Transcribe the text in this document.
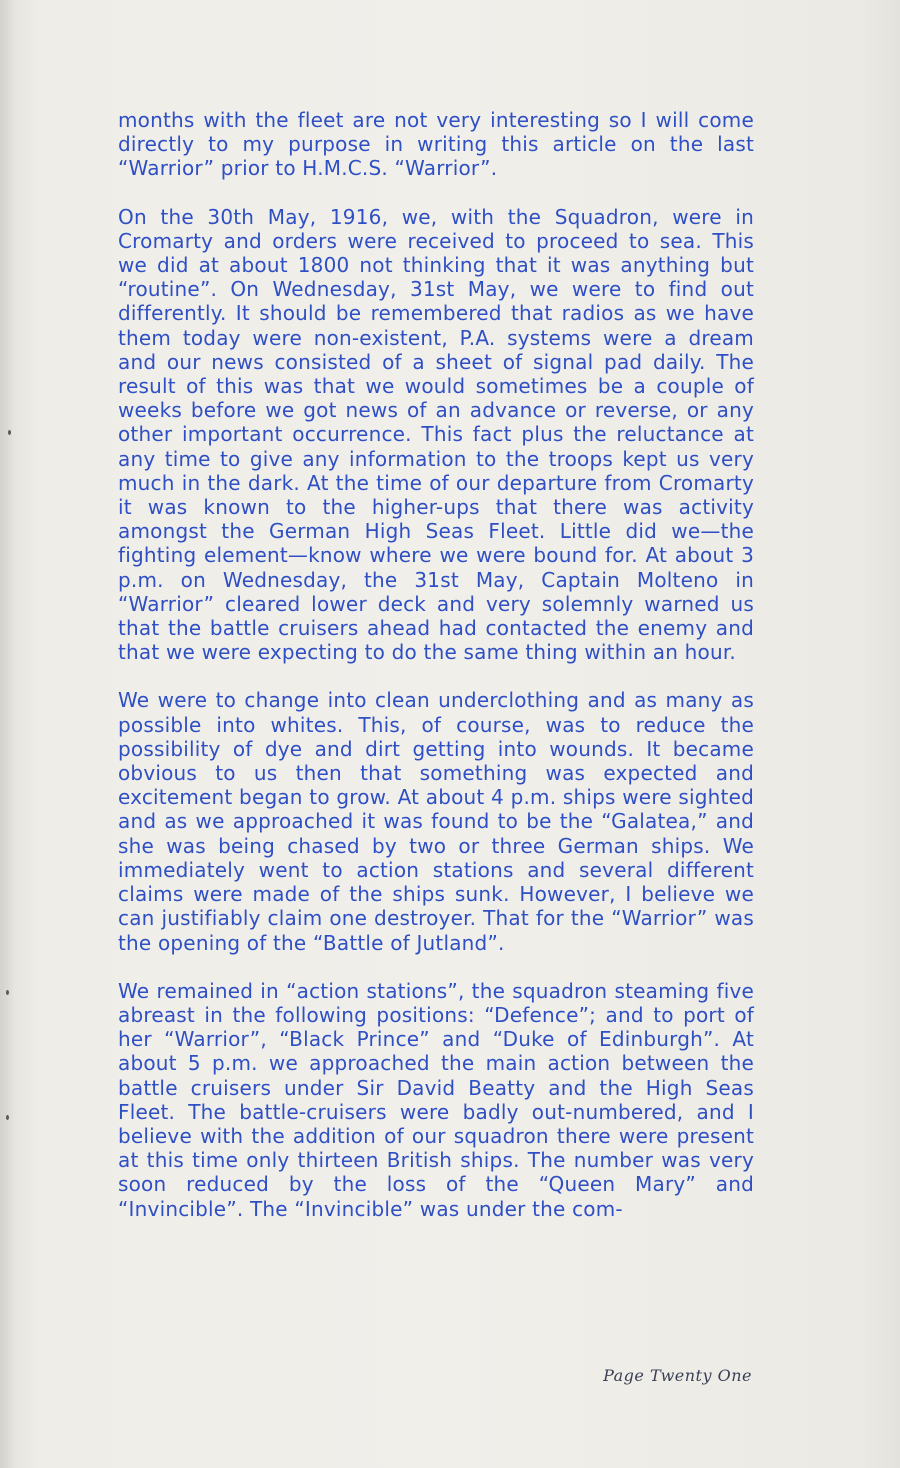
months with the fleet are not very interesting so I will come directly to my purpose in writing this article on the last “Warrior” prior to H.M.C.S. “Warrior”.

On the 30th May, 1916, we, with the Squadron, were in Cromarty and orders were received to proceed to sea. This we did at about 1800 not thinking that it was anything but “routine”. On Wednesday, 31st May, we were to find out differently. It should be remembered that radios as we have them today were non-existent, P.A. systems were a dream and our news consisted of a sheet of signal pad daily. The result of this was that we would sometimes be a couple of weeks before we got news of an advance or reverse, or any other important occurrence. This fact plus the reluctance at any time to give any information to the troops kept us very much in the dark. At the time of our departure from Cromarty it was known to the higher-ups that there was activity amongst the German High Seas Fleet. Little did we—the fighting element—know where we were bound for. At about 3 p.m. on Wednesday, the 31st May, Captain Molteno in “Warrior” cleared lower deck and very solemnly warned us that the battle cruisers ahead had contacted the enemy and that we were expecting to do the same thing within an hour.

We were to change into clean underclothing and as many as possible into whites. This, of course, was to reduce the possibility of dye and dirt getting into wounds. It became obvious to us then that something was expected and excitement began to grow. At about 4 p.m. ships were sighted and as we approached it was found to be the “Galatea,” and she was being chased by two or three German ships. We immediately went to action stations and several different claims were made of the ships sunk. However, I believe we can justifiably claim one destroyer. That for the “Warrior” was the opening of the “Battle of Jutland”.

We remained in “action stations”, the squadron steaming five abreast in the following positions: “Defence”; and to port of her “Warrior”, “Black Prince” and “Duke of Edinburgh”. At about 5 p.m. we approached the main action between the battle cruisers under Sir David Beatty and the High Seas Fleet. The battle-cruisers were badly out-numbered, and I believe with the addition of our squadron there were present at this time only thirteen British ships. The number was very soon reduced by the loss of the “Queen Mary” and “Invincible”. The “Invincible” was under the com-

Page Twenty One
